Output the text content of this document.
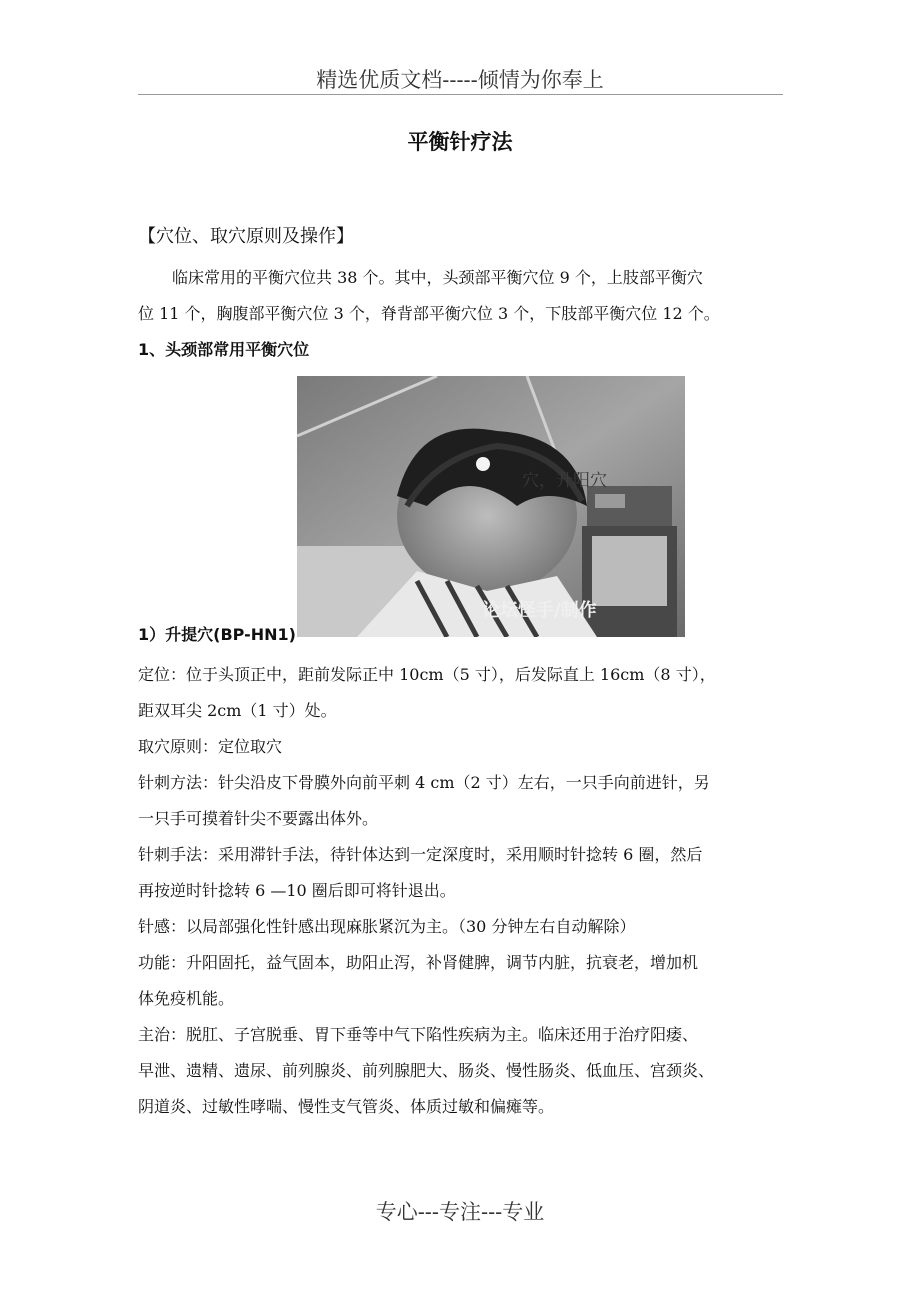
精选优质文档-----倾情为你奉上
平衡针疗法
【穴位、取穴原则及操作】
临床常用的平衡穴位共 38 个。其中，头颈部平衡穴位 9 个，上肢部平衡穴
位 11 个，胸腹部平衡穴位 3 个，脊背部平衡穴位 3 个，下肢部平衡穴位 12 个。
1、头颈部常用平衡穴位
穴，升阳穴
论坛怪手/制作
1）升提穴(BP-HN1)
定位：位于头顶正中，距前发际正中 10cm（5 寸），后发际直上 16cm（8 寸），
距双耳尖 2cm（1 寸）处。
取穴原则：定位取穴
针刺方法：针尖沿皮下骨膜外向前平刺 4 cm（2 寸）左右，一只手向前进针，另
一只手可摸着针尖不要露出体外。
针刺手法：采用滞针手法，待针体达到一定深度时，采用顺时针捻转 6 圈，然后
再按逆时针捻转 6 —10 圈后即可将针退出。
针感：以局部强化性针感出现麻胀紧沉为主。（30 分钟左右自动解除）
功能：升阳固托，益气固本，助阳止泻，补肾健脾，调节内脏，抗衰老，增加机
体免疫机能。
主治：脱肛、子宫脱垂、胃下垂等中气下陷性疾病为主。临床还用于治疗阳痿、
早泄、遗精、遗尿、前列腺炎、前列腺肥大、肠炎、慢性肠炎、低血压、宫颈炎、
阴道炎、过敏性哮喘、慢性支气管炎、体质过敏和偏瘫等。
专心---专注---专业
